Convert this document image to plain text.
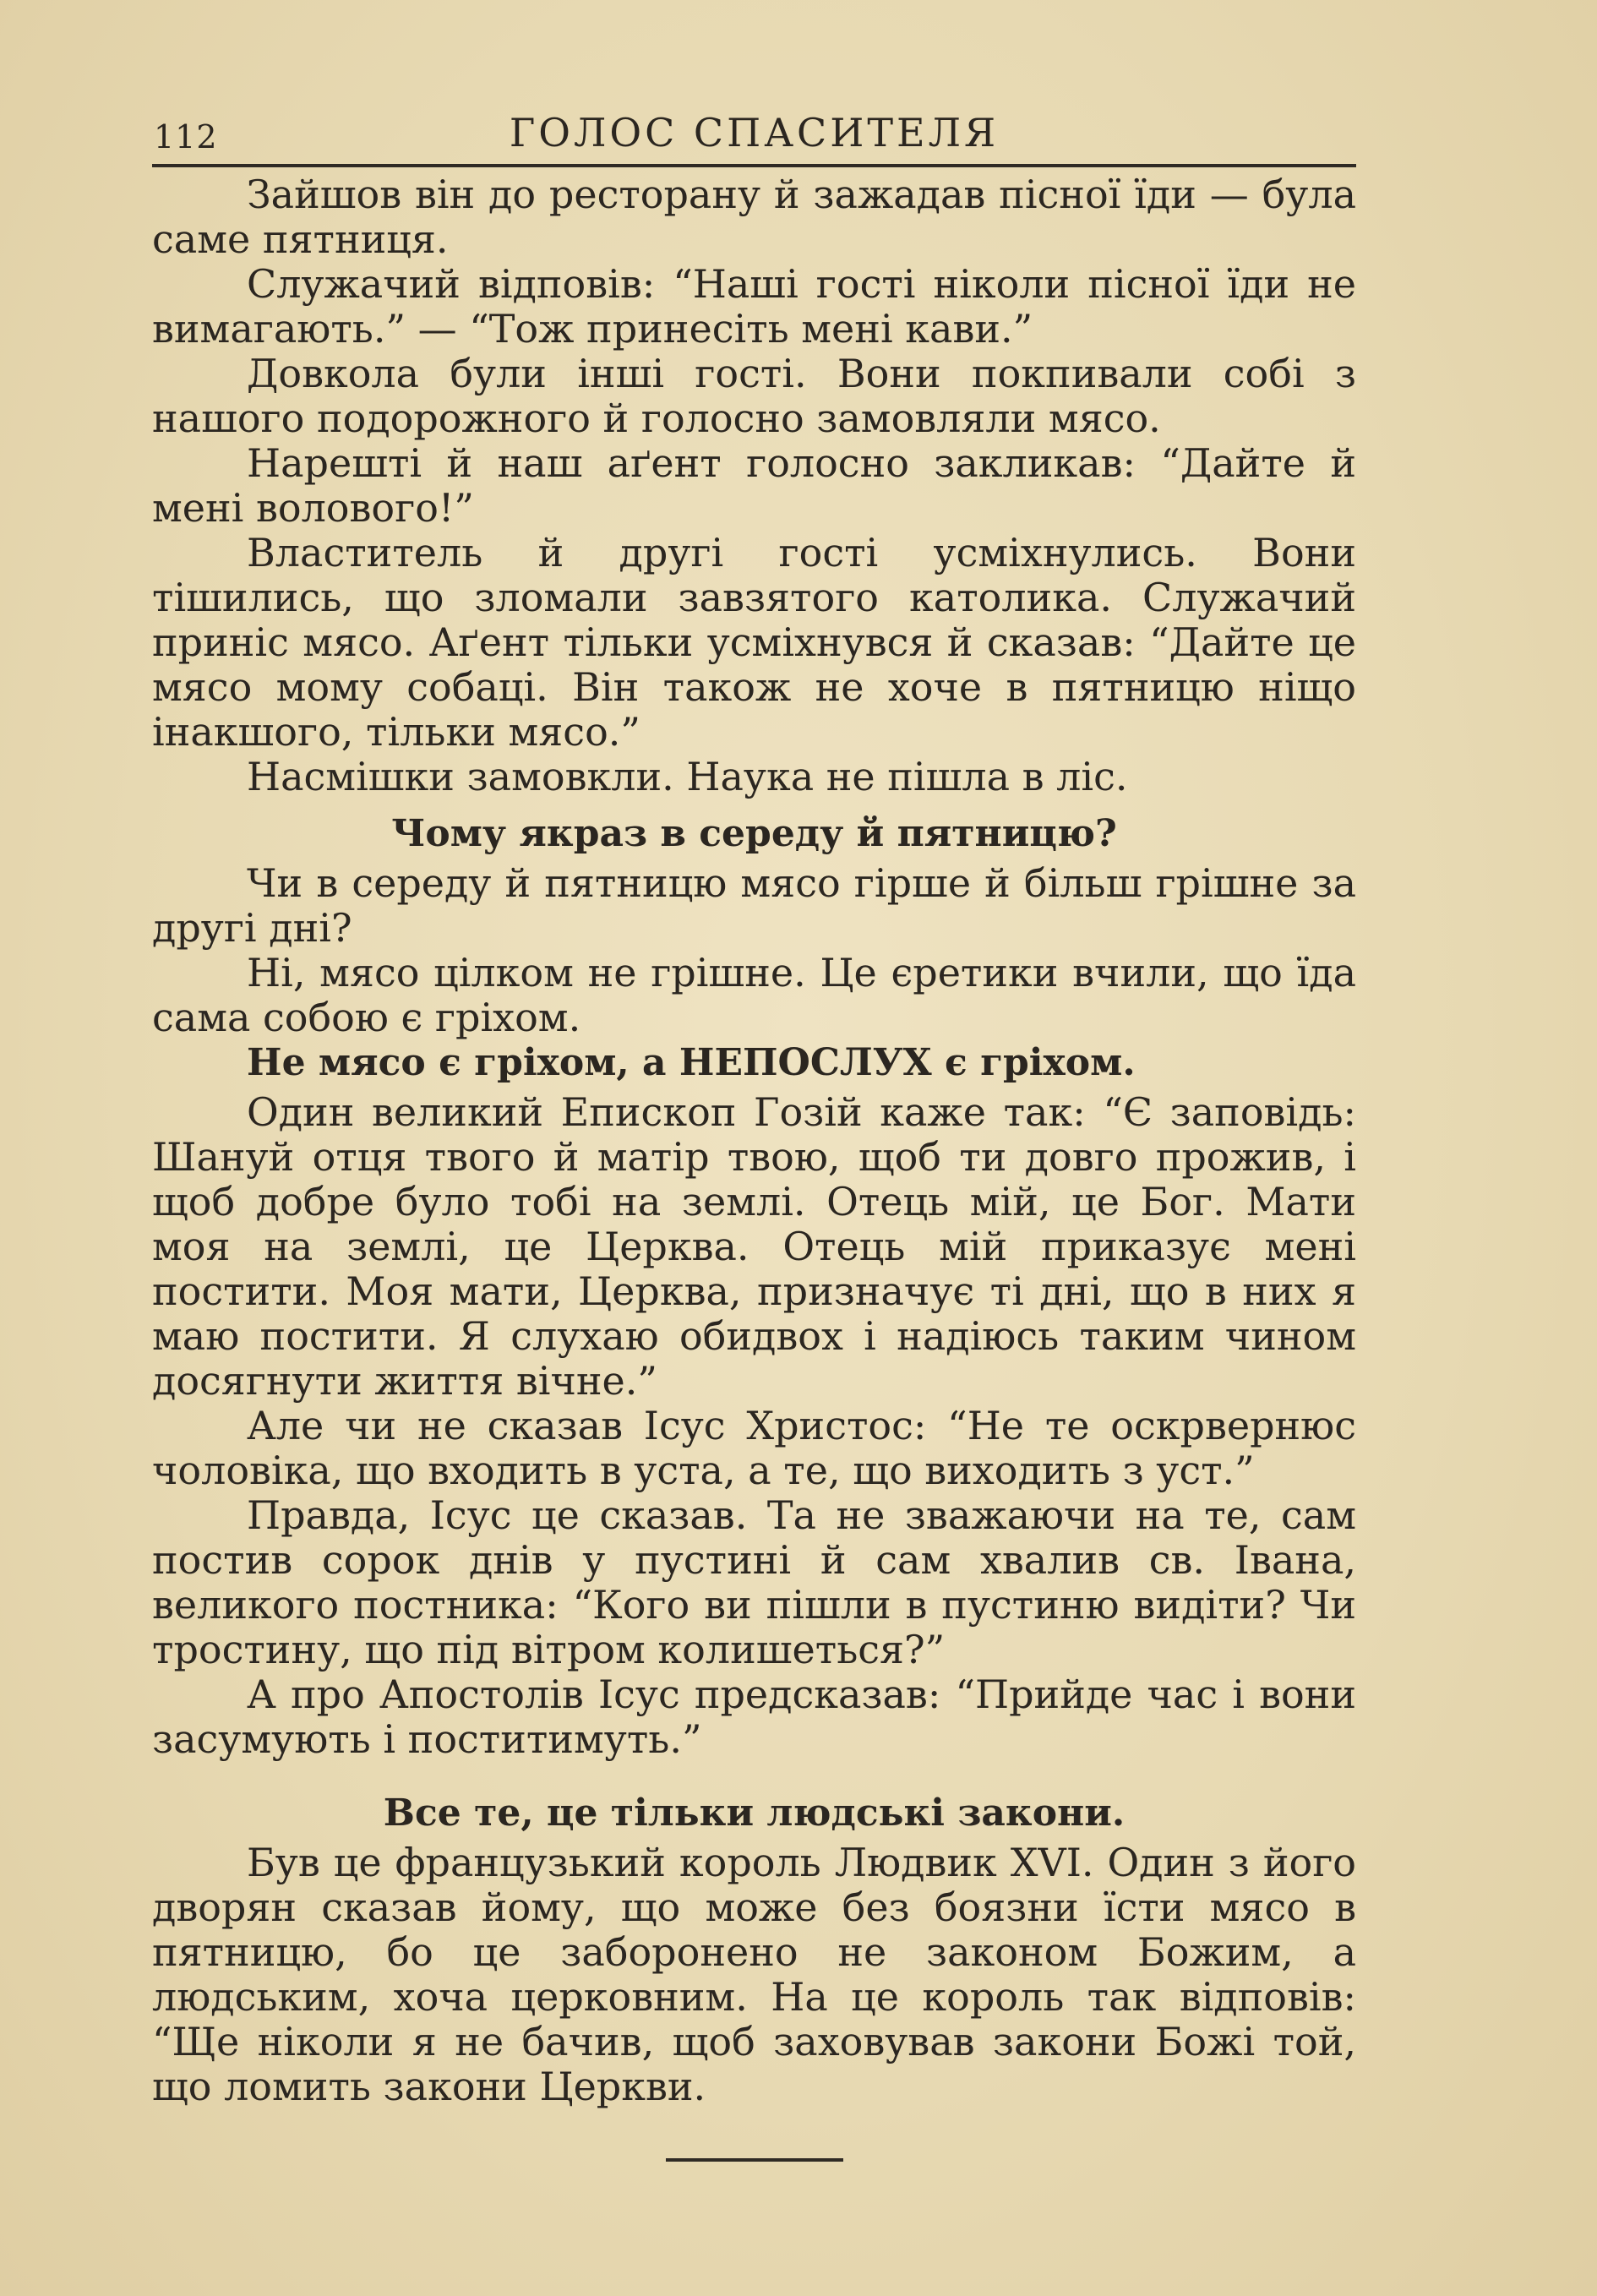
112	ГОЛОС СПАСИТЕЛЯ

Зайшов він до ресторану й зажадав пісної їди — була саме пятниця.

Служачий відповів: “Наші гості ніколи пісної їди не вимагають.” — “Тож принесіть мені кави.”

Довкола були інші гості. Вони покпивали собі з нашого подорожного й голосно замовляли мясо.

Нарешті й наш аґент голосно закликав: “Дайте й мені волового!”

Властитель й другі гості усміхнулись. Вони тішились, що зломали завзятого католика. Служачий приніс мясо. Аґент тільки усміхнувся й сказав: “Дайте це мясо мому собаці. Він також не хоче в пятницю ніщо інакшого, тільки мясо.”

Насмішки замовкли. Наука не пішла в ліс.

Чому якраз в середу й пятницю?

Чи в середу й пятницю мясо гірше й більш грішне за другі дні?

Ні, мясо цілком не грішне. Це єретики вчили, що їда сама собою є гріхом.

Не мясо є гріхом, а НЕПОСЛУХ є гріхом.

Один великий Епископ Гозій каже так: “Є заповідь: Шануй отця твого й матір твою, щоб ти довго прожив, і щоб добре було тобі на землі. Отець мій, це Бог. Мати моя на землі, це Церква. Отець мій приказує мені постити. Моя мати, Церква, призначує ті дні, що в них я маю постити. Я слухаю обидвох і надіюсь таким чином досягнути життя вічне.”

Але чи не сказав Ісус Христос: “Не те оскрвернюс чоловіка, що входить в уста, а те, що виходить з уст.”

Правда, Ісус це сказав. Та не зважаючи на те, сам постив сорок днів у пустині й сам хвалив св. Івана, великого постника: “Кого ви пішли в пустиню видіти? Чи тростину, що під вітром колишеться?”

А про Апостолів Ісус предсказав: “Прийде час і вони засумують і поститимуть.”

Все те, це тільки людські закони.

Був це французький король Людвик XVI. Один з його дворян сказав йому, що може без боязни їсти мясо в пятницю, бо це заборонено не законом Божим, а людським, хоча церковним. На це король так відповів: “Ще ніколи я не бачив, щоб заховував закони Божі той, що ломить закони Церкви.
